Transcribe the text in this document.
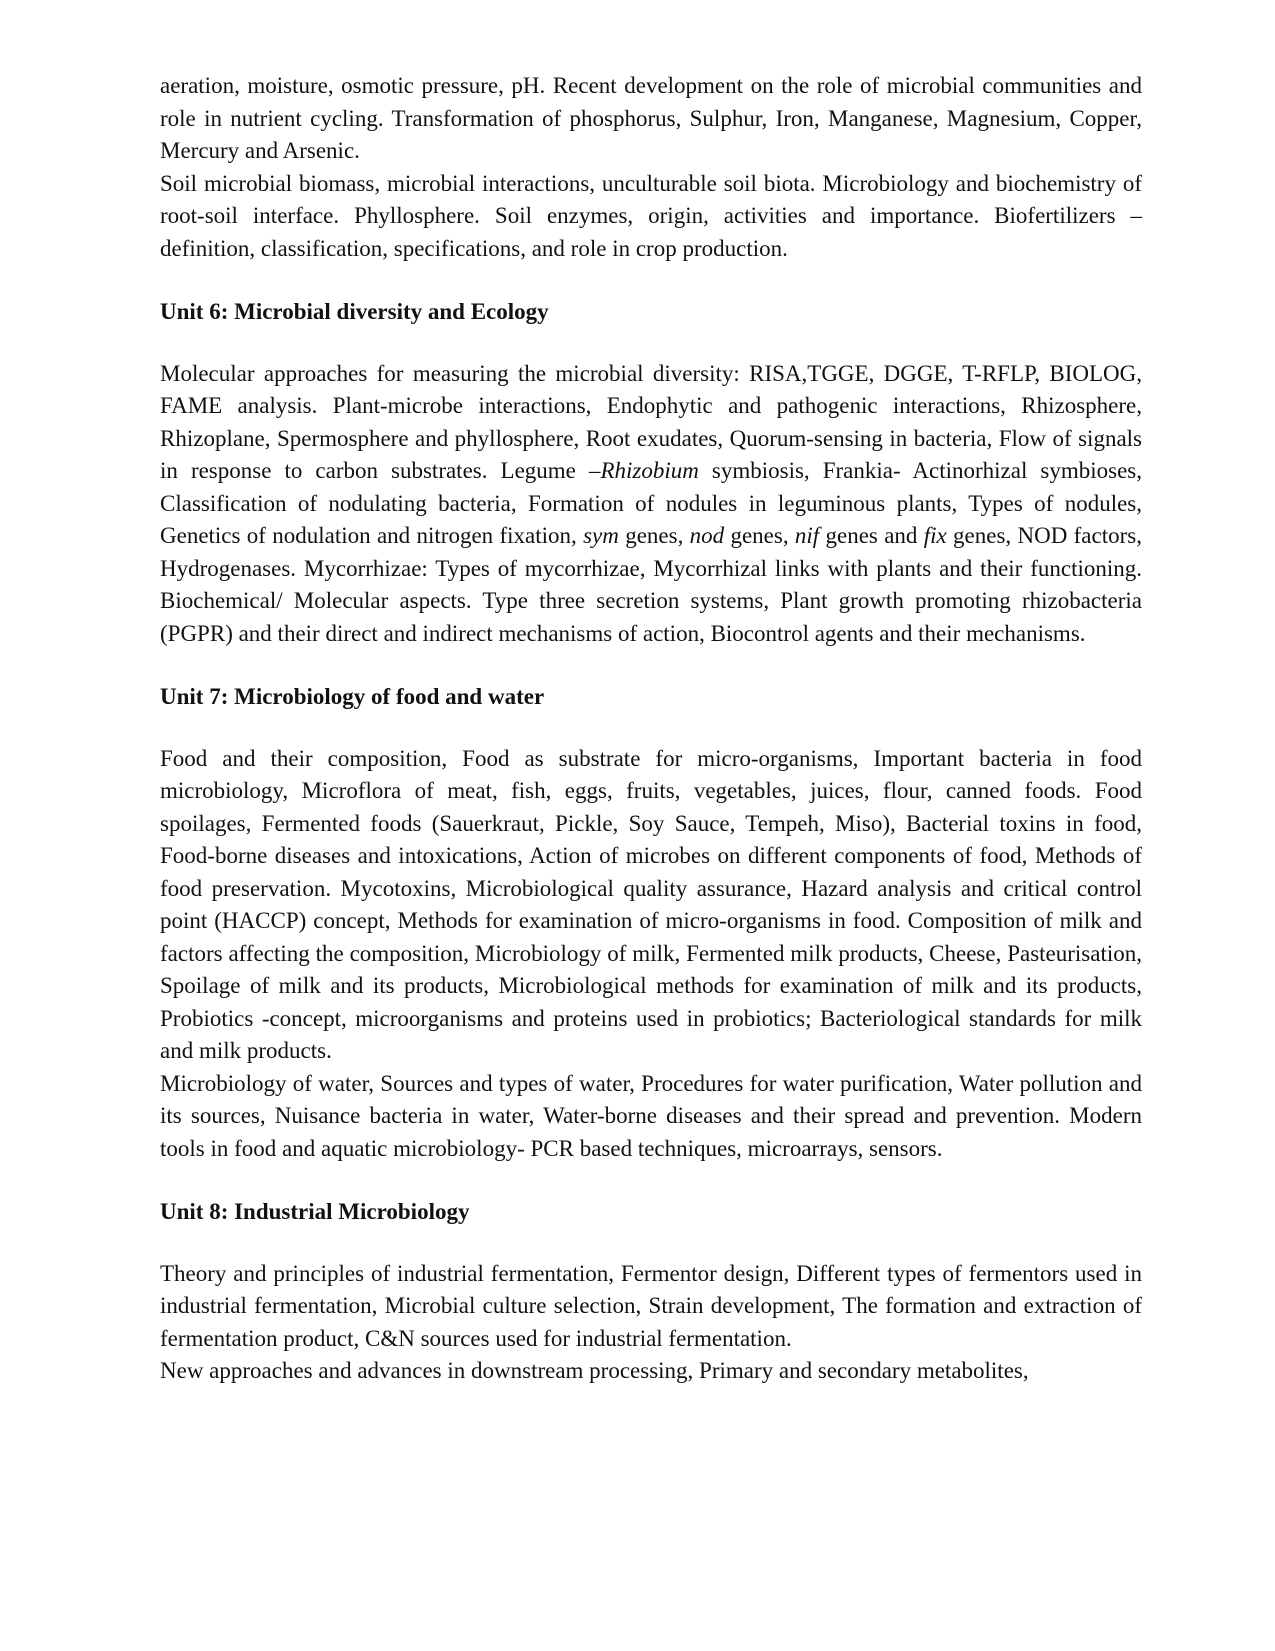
aeration, moisture, osmotic pressure, pH. Recent development on the role of microbial communities and role in nutrient cycling. Transformation of phosphorus, Sulphur, Iron, Manganese, Magnesium, Copper, Mercury and Arsenic.

Soil microbial biomass, microbial interactions, unculturable soil biota. Microbiology and biochemistry of root-soil interface. Phyllosphere. Soil enzymes, origin, activities and importance. Biofertilizers – definition, classification, specifications, and role in crop production.

Unit 6: Microbial diversity and Ecology

Molecular approaches for measuring the microbial diversity: RISA,TGGE, DGGE, T-RFLP, BIOLOG, FAME analysis. Plant-microbe interactions, Endophytic and pathogenic interactions, Rhizosphere, Rhizoplane, Spermosphere and phyllosphere, Root exudates, Quorum-sensing in bacteria, Flow of signals in response to carbon substrates. Legume –Rhizobium symbiosis, Frankia- Actinorhizal symbioses, Classification of nodulating bacteria, Formation of nodules in leguminous plants, Types of nodules, Genetics of nodulation and nitrogen fixation, sym genes, nod genes, nif genes and fix genes, NOD factors, Hydrogenases. Mycorrhizae: Types of mycorrhizae, Mycorrhizal links with plants and their functioning. Biochemical/ Molecular aspects. Type three secretion systems, Plant growth promoting rhizobacteria (PGPR) and their direct and indirect mechanisms of action, Biocontrol agents and their mechanisms.

Unit 7: Microbiology of food and water

Food and their composition, Food as substrate for micro-organisms, Important bacteria in food microbiology, Microflora of meat, fish, eggs, fruits, vegetables, juices, flour, canned foods. Food spoilages, Fermented foods (Sauerkraut, Pickle, Soy Sauce, Tempeh, Miso), Bacterial toxins in food, Food-borne diseases and intoxications, Action of microbes on different components of food, Methods of food preservation. Mycotoxins, Microbiological quality assurance, Hazard analysis and critical control point (HACCP) concept, Methods for examination of micro-organisms in food. Composition of milk and factors affecting the composition, Microbiology of milk, Fermented milk products, Cheese, Pasteurisation, Spoilage of milk and its products, Microbiological methods for examination of milk and its products, Probiotics -concept, microorganisms and proteins used in probiotics; Bacteriological standards for milk and milk products.

Microbiology of water, Sources and types of water, Procedures for water purification, Water pollution and its sources, Nuisance bacteria in water, Water-borne diseases and their spread and prevention. Modern tools in food and aquatic microbiology- PCR based techniques, microarrays, sensors.

Unit 8: Industrial Microbiology

Theory and principles of industrial fermentation, Fermentor design, Different types of fermentors used in industrial fermentation, Microbial culture selection, Strain development, The formation and extraction of fermentation product, C&N sources used for industrial fermentation.

New approaches and advances in downstream processing, Primary and secondary metabolites,
